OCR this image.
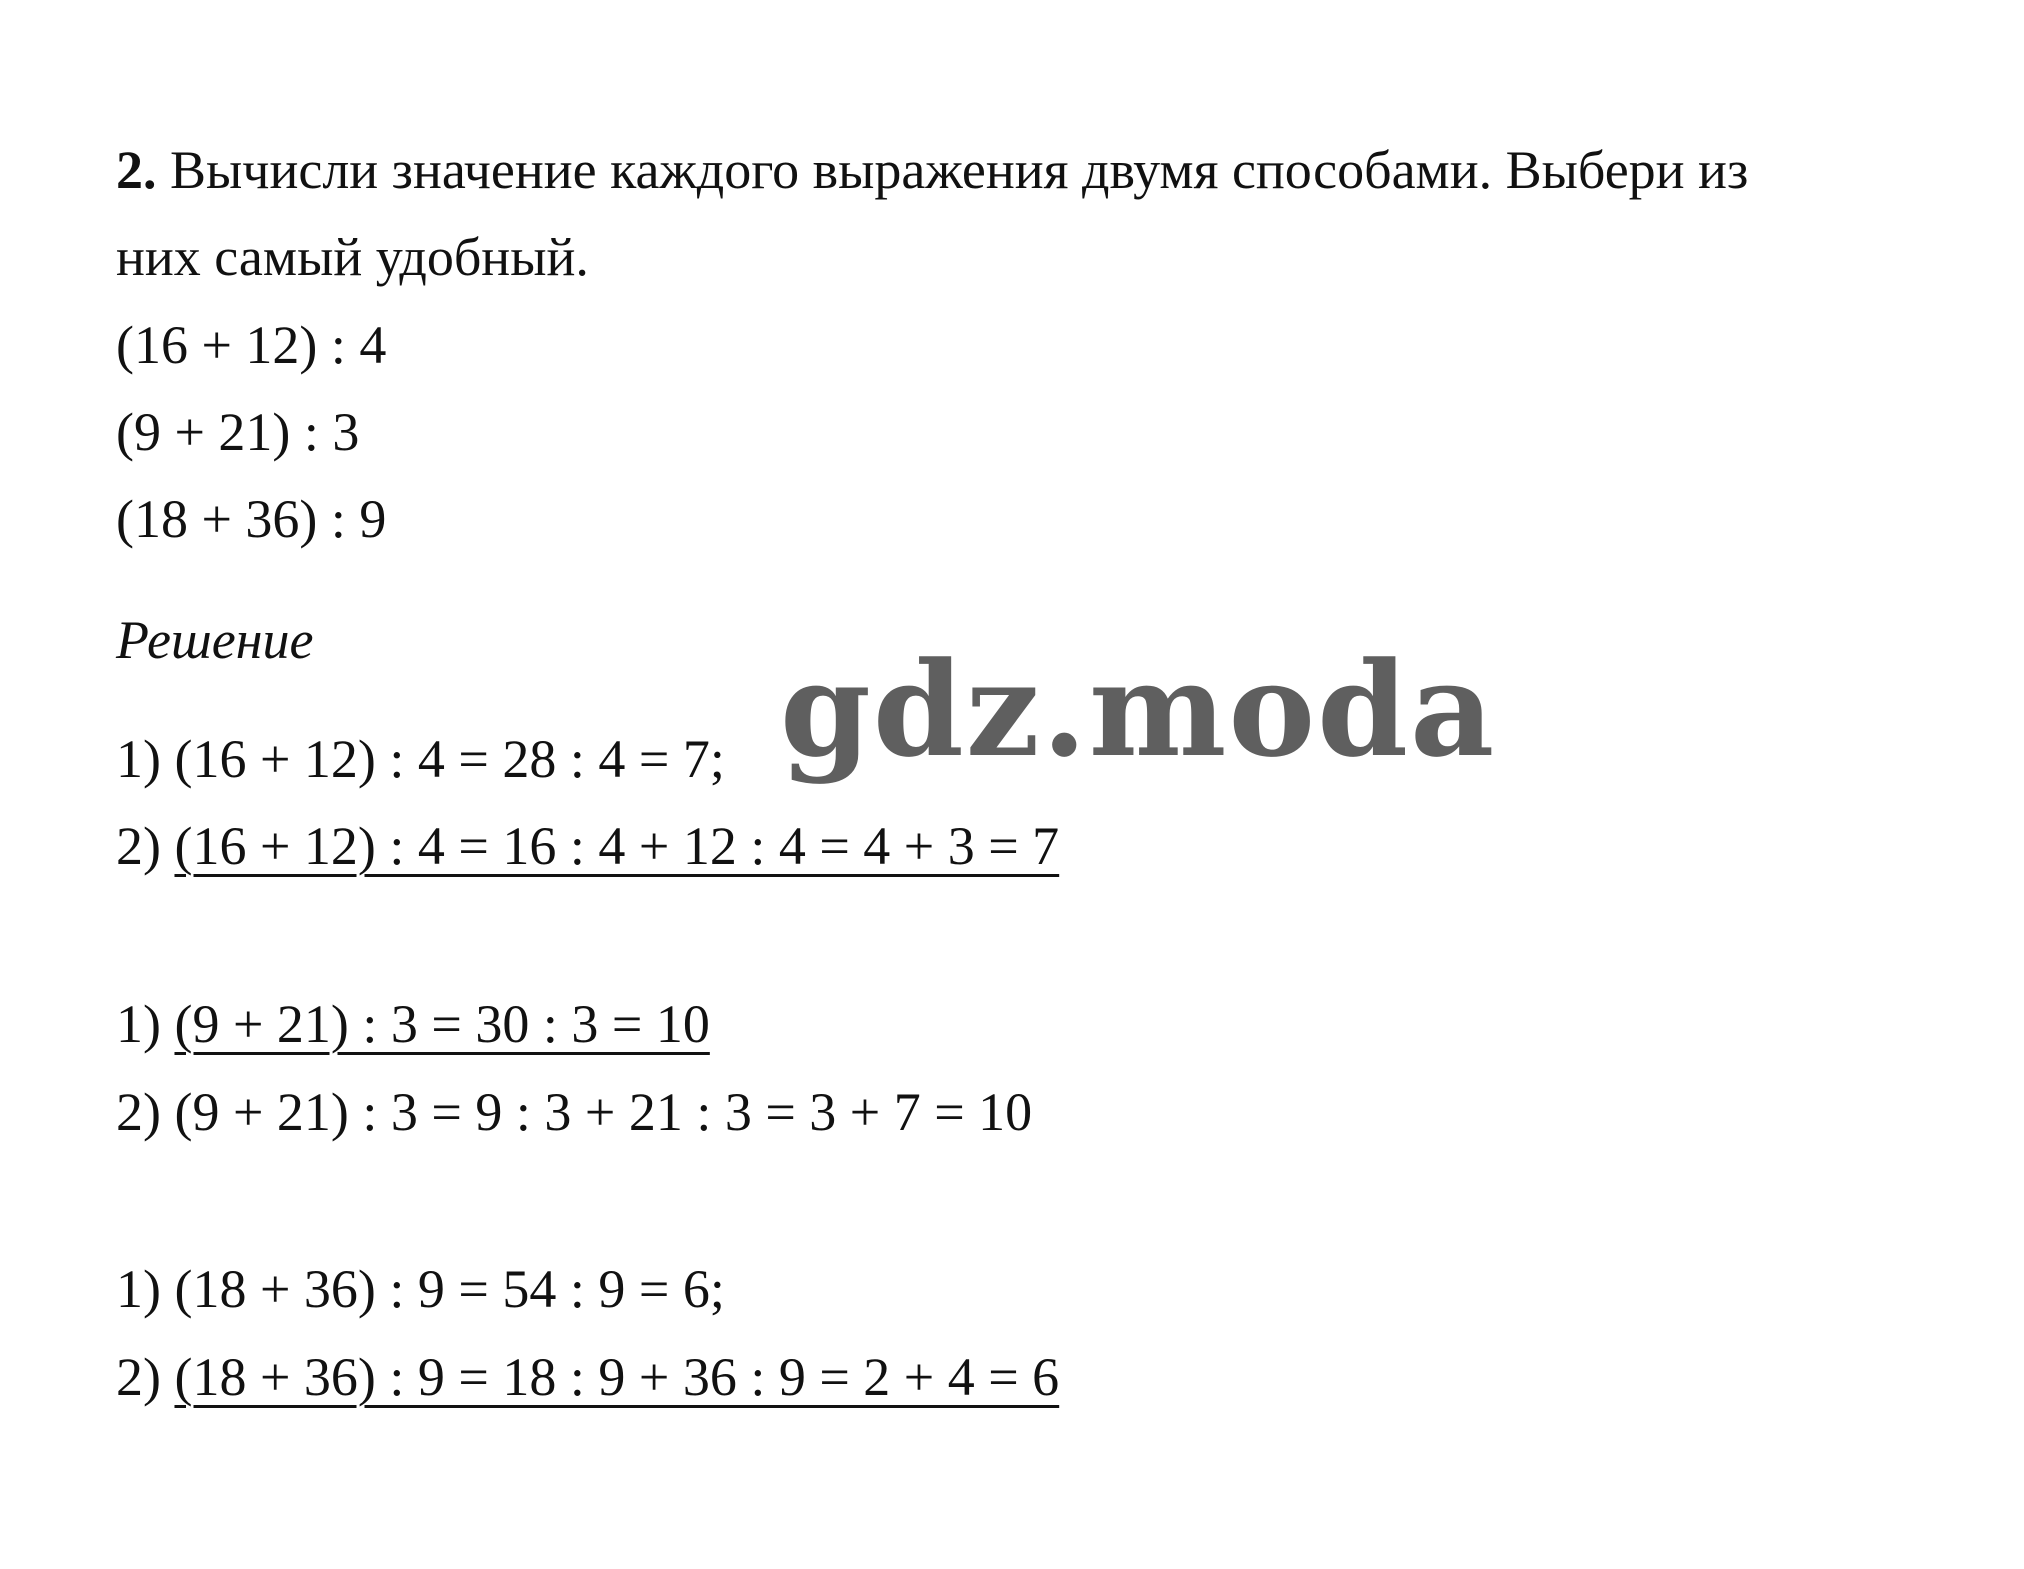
2. Вычисли значение каждого выражения двумя способами. Выбери из
них самый удобный.
(16 + 12) : 4
(9 + 21) : 3
(18 + 36) : 9
Решение
1) (16 + 12) : 4 = 28 : 4 = 7;
2) (16 + 12) : 4 = 16 : 4 + 12 : 4 = 4 + 3 = 7
1) (9 + 21) : 3 = 30 : 3 = 10
2) (9 + 21) : 3 = 9 : 3 + 21 : 3 = 3 + 7 = 10
1) (18 + 36) : 9 = 54 : 9 = 6;
2) (18 + 36) : 9 = 18 : 9 + 36 : 9 = 2 + 4 = 6
gdz.moda
